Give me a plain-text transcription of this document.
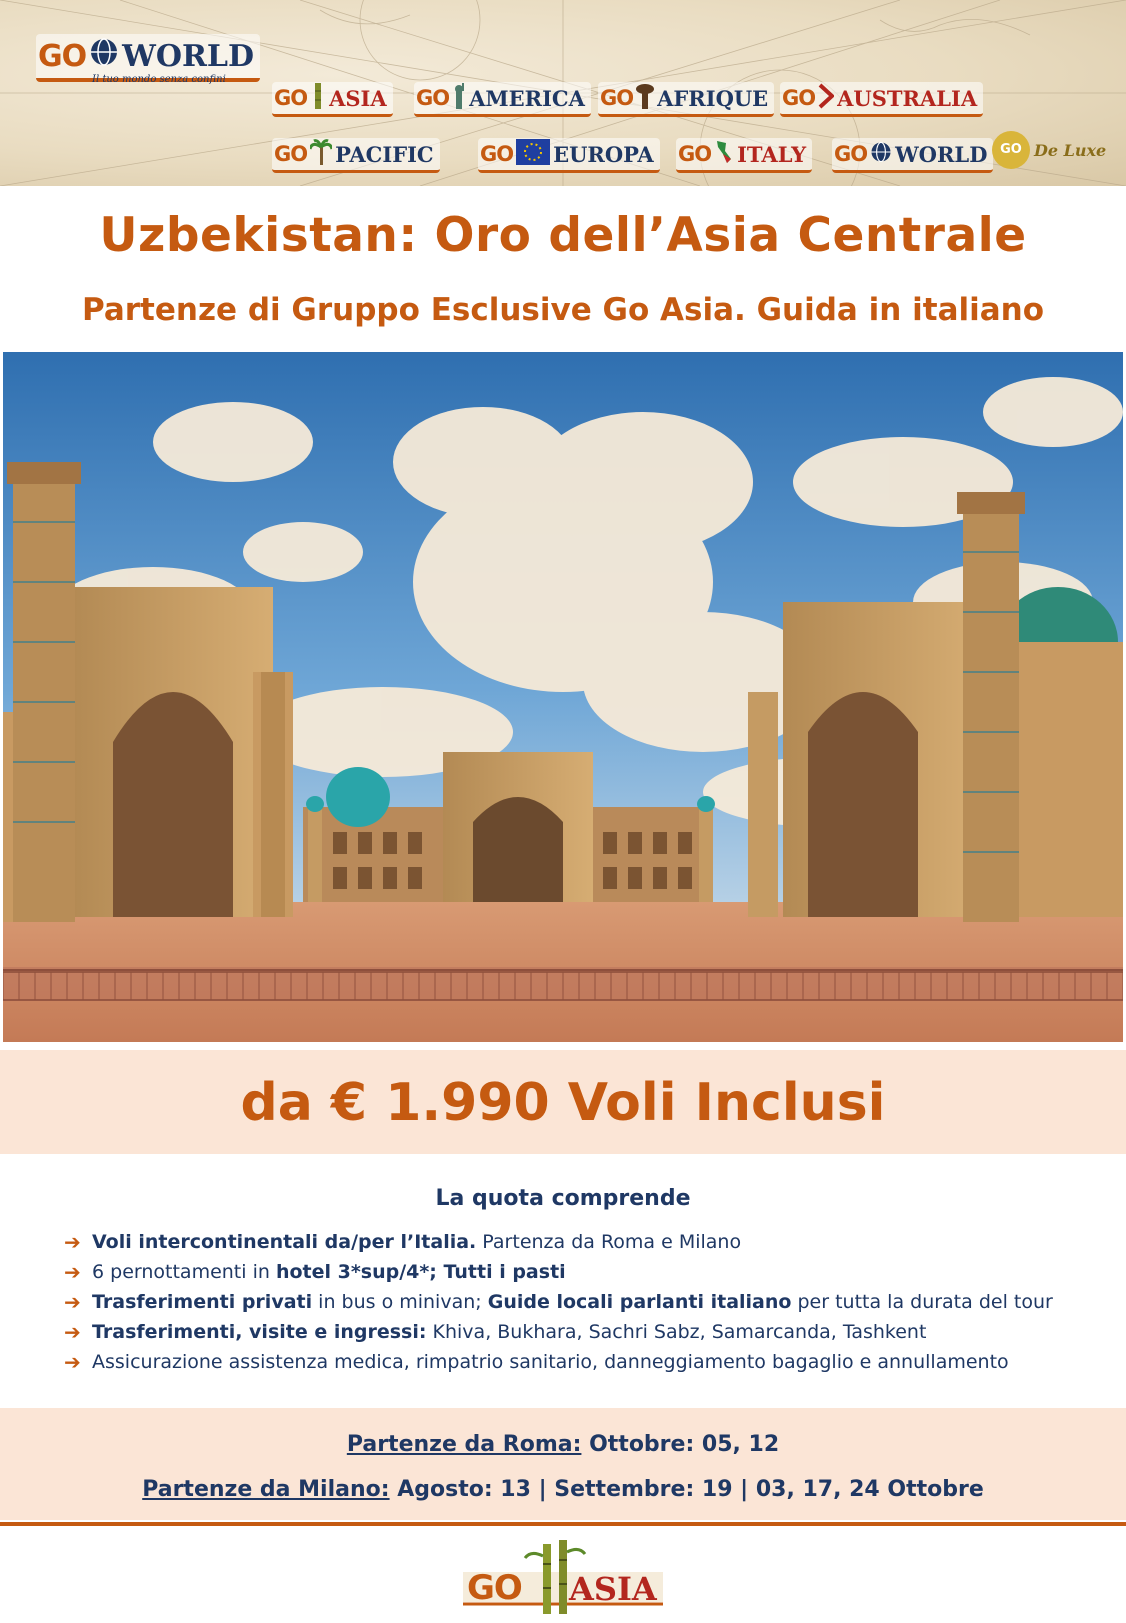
GO WORLD
Il tuo mondo senza confini
GO ASIA GO AMERICA GO AFRIQUE GO AUSTRALIA
GO PACIFIC GO EUROPA GO ITALY GO WORLD GO De Luxe
Uzbekistan: Oro dell’Asia Centrale
Partenze di Gruppo Esclusive Go Asia. Guida in italiano
da € 1.990 Voli Inclusi
La quota comprende
➔ Voli intercontinentali da/per l’Italia. Partenza da Roma e Milano
➔ 6 pernottamenti in hotel 3*sup/4*; Tutti i pasti
➔ Trasferimenti privati in bus o minivan; Guide locali parlanti italiano per tutta la durata del tour
➔ Trasferimenti, visite e ingressi: Khiva, Bukhara, Sachri Sabz, Samarcanda, Tashkent
➔ Assicurazione assistenza medica, rimpatrio sanitario, danneggiamento bagaglio e annullamento
Partenze da Roma: Ottobre: 05, 12
Partenze da Milano: Agosto: 13 | Settembre: 19 | 03, 17, 24 Ottobre
GO ASIA
